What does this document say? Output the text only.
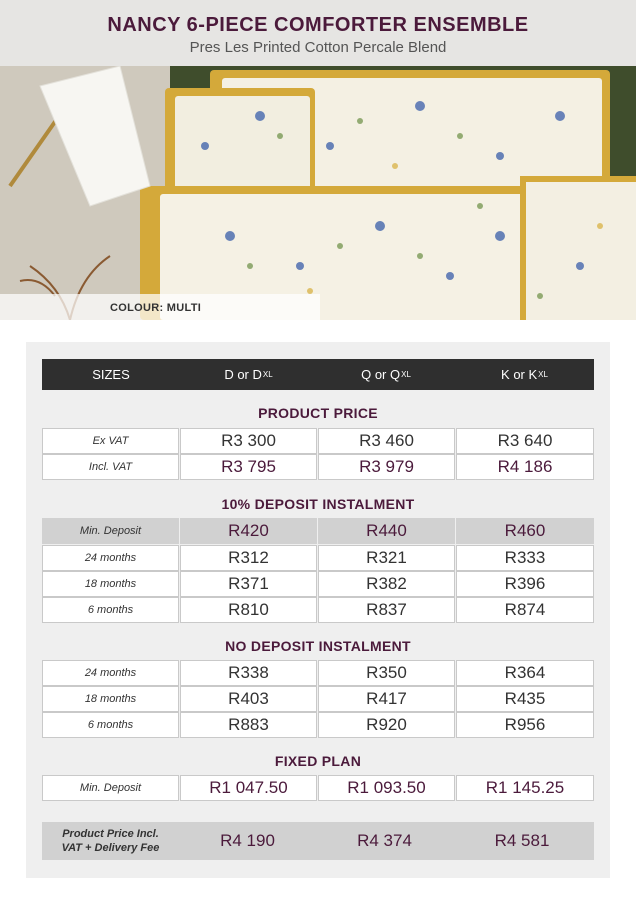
NANCY 6-PIECE COMFORTER ENSEMBLE
Pres Les Printed Cotton Percale Blend
COLOUR: MULTI
SIZES	D or D XL	Q or Q XL	K or K XL
PRODUCT PRICE
Ex VAT	R3 300	R3 460	R3 640
Incl. VAT	R3 795	R3 979	R4 186
10% DEPOSIT INSTALMENT
Min. Deposit	R420	R440	R460
24 months	R312	R321	R333
18 months	R371	R382	R396
6 months	R810	R837	R874
NO DEPOSIT INSTALMENT
24 months	R338	R350	R364
18 months	R403	R417	R435
6 months	R883	R920	R956
FIXED PLAN
Min. Deposit	R1 047.50	R1 093.50	R1 145.25
Product Price Incl.
VAT + Delivery Fee	R4 190	R4 374	R4 581
